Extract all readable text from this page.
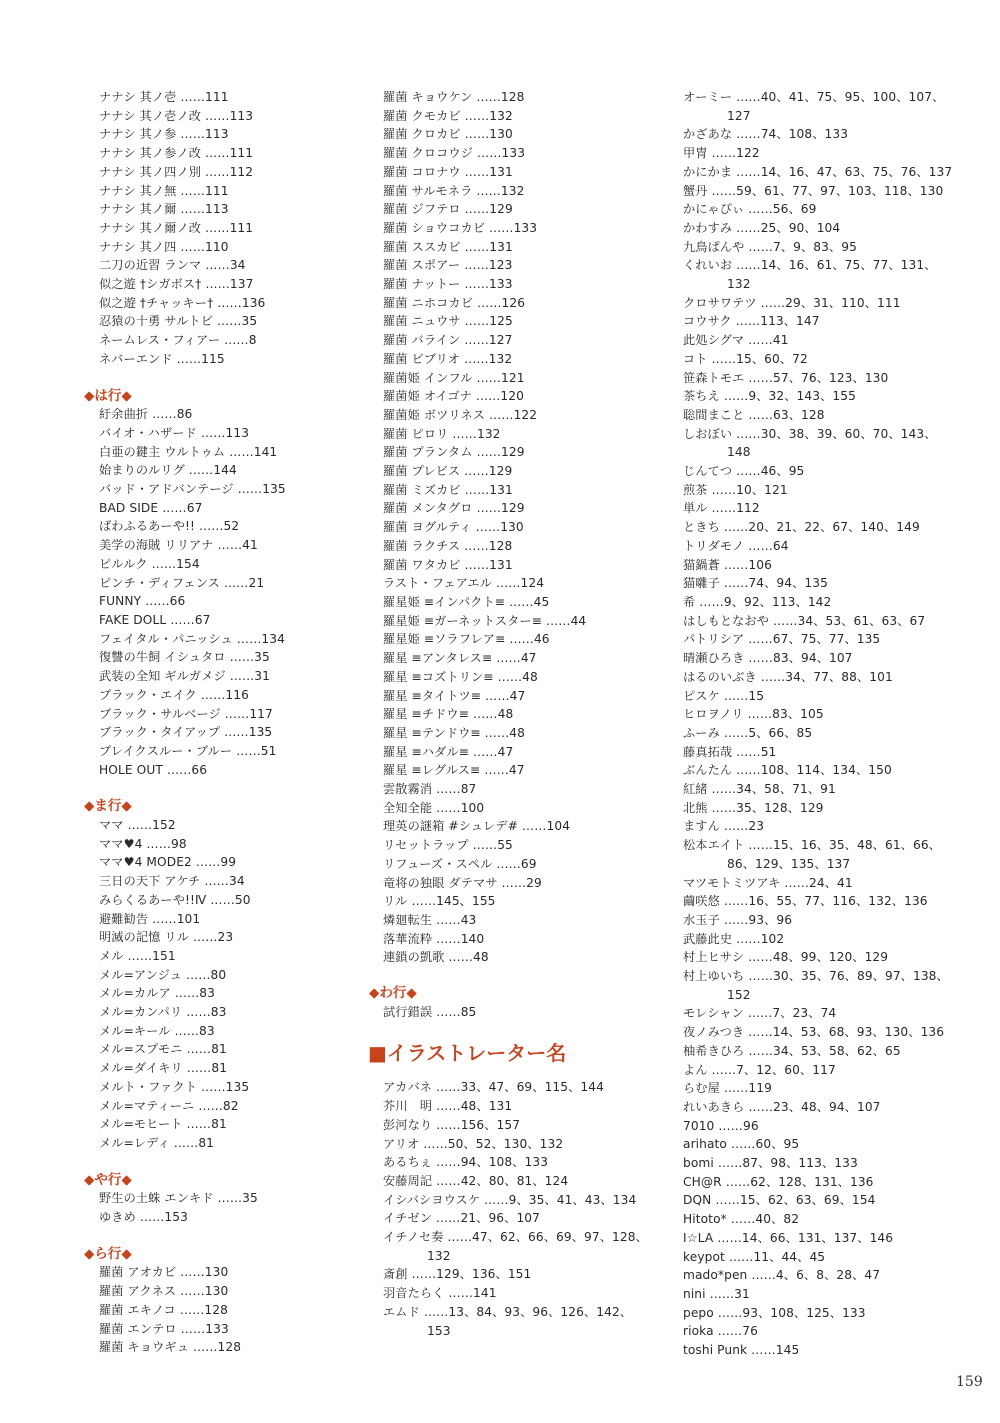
ナナシ 其ノ壱 ……111
ナナシ 其ノ壱ノ改 ……113
ナナシ 其ノ参 ……113
ナナシ 其ノ参ノ改 ……111
ナナシ 其ノ四ノ別 ……112
ナナシ 其ノ無 ……111
ナナシ 其ノ爾 ……113
ナナシ 其ノ爾ノ改 ……111
ナナシ 其ノ四 ……110
二刀の近習 ランマ ……34
似之遊 †シガボス† ……137
似之遊 †チャッキー† ……136
忍猿の十勇 サルトビ ……35
ネームレス・フィアー ……8
ネバーエンド ……115
◆は行◆
紆余曲折 ……86
バイオ・ハザード ……113
白亜の鍵主 ウルトゥム ……141
始まりのルリグ ……144
バッド・アドバンテージ ……135
BAD SIDE ……67
ばわふるあーや!! ……52
美学の海賊 リリアナ ……41
ピルルク ……154
ピンチ・ディフェンス ……21
FUNNY ……66
FAKE DOLL ……67
フェイタル・パニッシュ ……134
復讐の牛飼 イシュタロ ……35
武装の全知 ギルガメジ ……31
ブラック・エイク ……116
ブラック・サルベージ ……117
ブラック・タイアップ ……135
ブレイクスルー・ブルー ……51
HOLE OUT ……66
◆ま行◆
ママ ……152
ママ♥4 ……98
ママ♥4 MODE2 ……99
三日の天下 アケチ ……34
みらくるあーや!!Ⅳ ……50
避難勧告 ……101
明滅の記憶 リル ……23
メル ……151
メル=アンジュ ……80
メル=カルア ……83
メル=カンパリ ……83
メル=キール ……83
メル=スプモニ ……81
メル=ダイキリ ……81
メルト・ファクト ……135
メル=マティーニ ……82
メル=モヒート ……81
メル=レディ ……81
◆や行◆
野生の土蛛 エンキド ……35
ゆきめ ……153
◆ら行◆
羅菌 アオカビ ……130
羅菌 アクネス ……130
羅菌 エキノコ ……128
羅菌 エンテロ ……133
羅菌 キョウギュ ……128
羅菌 キョウケン ……128
羅菌 クモカビ ……132
羅菌 クロカビ ……130
羅菌 クロコウジ ……133
羅菌 コロナウ ……131
羅菌 サルモネラ ……132
羅菌 ジフテロ ……129
羅菌 ショウコカビ ……133
羅菌 ススカビ ……131
羅菌 スポアー ……123
羅菌 ナットー ……133
羅菌 ニホコカビ ……126
羅菌 ニュウサ ……125
羅菌 バライン ……127
羅菌 ビブリオ ……132
羅菌姫 インフル ……121
羅菌姫 オイゴナ ……120
羅菌姫 ボツリネス ……122
羅菌 ピロリ ……132
羅菌 プランタム ……129
羅菌 プレビス ……129
羅菌 ミズカビ ……131
羅菌 メンタグロ ……129
羅菌 ヨグルティ ……130
羅菌 ラクチス ……128
羅菌 ワタカビ ……131
ラスト・フェアエル ……124
羅星姫 ≡インパクト≡ ……45
羅星姫 ≡ガーネットスター≡ ……44
羅星姫 ≡ソラフレア≡ ……46
羅星 ≡アンタレス≡ ……47
羅星 ≡コズトリン≡ ……48
羅星 ≡タイトツ≡ ……47
羅星 ≡チドウ≡ ……48
羅星 ≡テンドウ≡ ……48
羅星 ≡ハダル≡ ……47
羅星 ≡レグルス≡ ……47
雲散霧消 ……87
全知全能 ……100
理英の謎箱 #シュレデ# ……104
リセットラップ ……55
リフューズ・スペル ……69
竜将の独眼 ダテマサ ……29
リル ……145、155
燐廻転生 ……43
落華流粋 ……140
連鎖の凱歌 ……48
◆わ行◆
試行錯誤 ……85
■イラストレーター名
アカバネ ……33、47、69、115、144
芥川　明 ……48、131
彭河なり ……156、157
アリオ ……50、52、130、132
あるちぇ ……94、108、133
安藤周記 ……42、80、81、124
イシバシヨウスケ ……9、35、41、43、134
イチゼン ……21、96、107
イチノセ奏 ……47、62、66、69、97、128、
132
斎創 ……129、136、151
羽音たらく ……141
エムド ……13、84、93、96、126、142、
153
オーミー ……40、41、75、95、100、107、
127
かざあな ……74、108、133
甲冑 ……122
かにかま ……14、16、47、63、75、76、137
蟹丹 ……59、61、77、97、103、118、130
かにゃぴぃ ……56、69
かわすみ ……25、90、104
九鳥ぱんや ……7、9、83、95
くれいお ……14、16、61、75、77、131、
132
クロサワテツ ……29、31、110、111
コウサク ……113、147
此処シグマ ……41
コト ……15、60、72
笹森トモエ ……57、76、123、130
茶ちえ ……9、32、143、155
聡間まこと ……63、128
しおぼい ……30、38、39、60、70、143、
148
じんてつ ……46、95
煎茶 ……10、121
単ル ……112
ときち ……20、21、22、67、140、149
トリダモノ ……64
猫鍋蒼 ……106
猫囃子 ……74、94、135
希 ……9、92、113、142
はしもとなおや ……34、53、61、63、67
パトリシア ……67、75、77、135
晴瀬ひろき ……83、94、107
はるのいぶき ……34、77、88、101
ピスケ ……15
ヒロヲノリ ……83、105
ふーみ ……5、66、85
藤真拓哉 ……51
ぶんたん ……108、114、134、150
紅緒 ……34、58、71、91
北熊 ……35、128、129
ますん ……23
松本エイト ……15、16、35、48、61、66、
86、129、135、137
マツモトミツアキ ……24、41
繭咲悠 ……16、55、77、116、132、136
水玉子 ……93、96
武藤此史 ……102
村上ヒサシ ……48、99、120、129
村上ゆいち ……30、35、76、89、97、138、
152
モレシャン ……7、23、74
夜ノみつき ……14、53、68、93、130、136
柚希きひろ ……34、53、58、62、65
よん ……7、12、60、117
らむ屋 ……119
れいあきら ……23、48、94、107
7010 ……96
arihato ……60、95
bomi ……87、98、113、133
CH@R ……62、128、131、136
DQN ……15、62、63、69、154
Hitoto* ……40、82
I☆LA ……14、66、131、137、146
keypot ……11、44、45
mado*pen ……4、6、8、28、47
nini ……31
pepo ……93、108、125、133
rioka ……76
toshi Punk ……145
159
